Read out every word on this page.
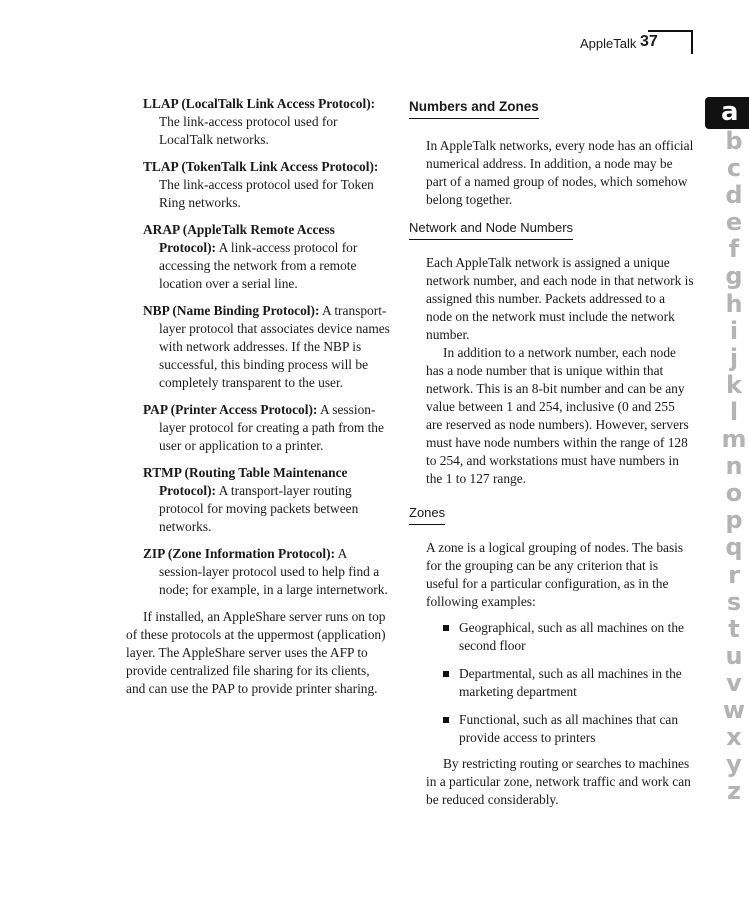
AppleTalk 37

LLAP (LocalTalk Link Access Protocol): The link-access protocol used for LocalTalk networks.

TLAP (TokenTalk Link Access Protocol): The link-access protocol used for Token Ring networks.

ARAP (AppleTalk Remote Access Protocol): A link-access protocol for accessing the network from a remote location over a serial line.

NBP (Name Binding Protocol): A transport-layer protocol that associates device names with network addresses. If the NBP is successful, this binding process will be completely transparent to the user.

PAP (Printer Access Protocol): A session-layer protocol for creating a path from the user or application to a printer.

RTMP (Routing Table Maintenance Protocol): A transport-layer routing protocol for moving packets between networks.

ZIP (Zone Information Protocol): A session-layer protocol used to help find a node; for example, in a large internetwork.

If installed, an AppleShare server runs on top of these protocols at the uppermost (application) layer. The AppleShare server uses the AFP to provide centralized file sharing for its clients, and can use the PAP to provide printer sharing.

Numbers and Zones

In AppleTalk networks, every node has an official numerical address. In addition, a node may be part of a named group of nodes, which somehow belong together.

Network and Node Numbers

Each AppleTalk network is assigned a unique network number, and each node in that network is assigned this number. Packets addressed to a node on the network must include the network number.

In addition to a network number, each node has a node number that is unique within that network. This is an 8-bit number and can be any value between 1 and 254, inclusive (0 and 255 are reserved as node numbers). However, servers must have node numbers within the range of 128 to 254, and workstations must have numbers in the 1 to 127 range.

Zones

A zone is a logical grouping of nodes. The basis for the grouping can be any criterion that is useful for a particular configuration, as in the following examples:

Geographical, such as all machines on the second floor
Departmental, such as all machines in the marketing department
Functional, such as all machines that can provide access to printers

By restricting routing or searches to machines in a particular zone, network traffic and work can be reduced considerably.

a
b
c
d
e
f
g
h
i
j
k
l
m
n
o
p
q
r
s
t
u
v
w
x
y
z
